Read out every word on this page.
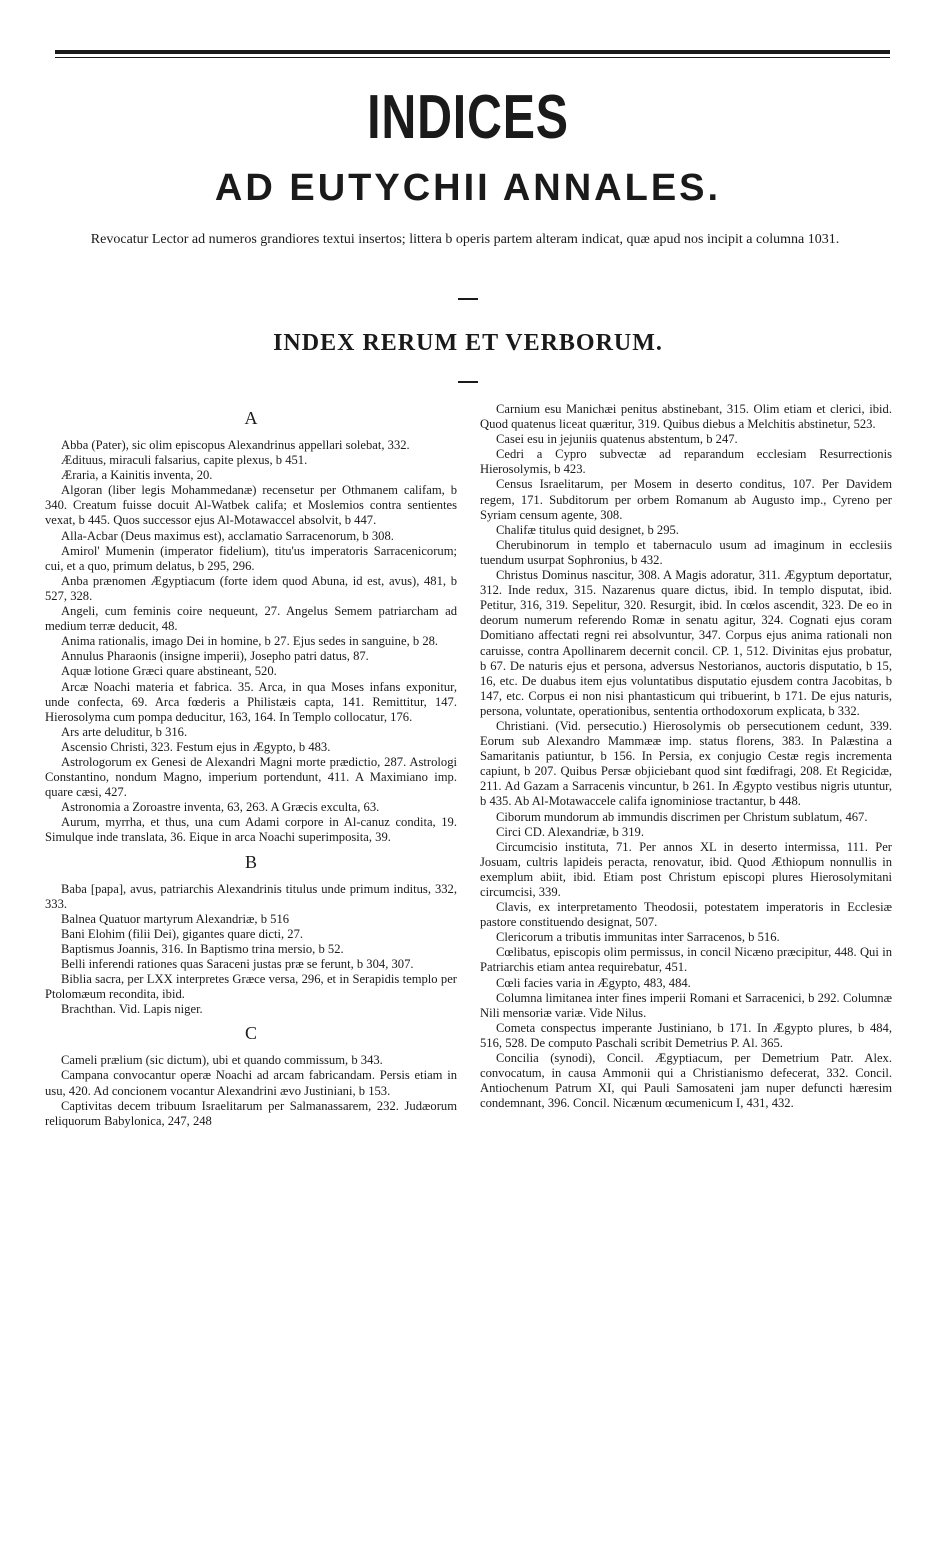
INDICES
AD EUTYCHII ANNALES.
Revocatur Lector ad numeros grandiores textui insertos; littera b operis partem alteram indicat, quæ apud nos incipit a columna 1031.
INDEX RERUM ET VERBORUM.
A

Abba (Pater), sic olim episcopus Alexandrinus appellari solebat, 332.

Ædituus, miraculi falsarius, capite plexus, b 451.

Æraria, a Kainitis inventa, 20.

Algoran (liber legis Mohammedanæ) recensetur per Othmanem califam, b 340. Creatum fuisse docuit Al-Watbek califa; et Moslemios contra sentientes vexat, b 445. Quos successor ejus Al-Motawaccel absolvit, b 447.

Alla-Acbar (Deus maximus est), acclamatio Sarracenorum, b 308.

Amirol' Mumenin (imperator fidelium), titu'us imperatoris Sarracenicorum; cui, et a quo, primum delatus, b 295, 296.

Anba prænomen Ægyptiacum (forte idem quod Abuna, id est, avus), 481, b 527, 328.

Angeli, cum feminis coire nequeunt, 27. Angelus Semem patriarcham ad medium terræ deducit, 48.

Anima rationalis, imago Dei in homine, b 27. Ejus sedes in sanguine, b 28.

Annulus Pharaonis (insigne imperii), Josepho patri datus, 87.

Aquæ lotione Græci quare abstineant, 520.

Arcæ Noachi materia et fabrica. 35. Arca, in qua Moses infans exponitur, unde confecta, 69. Arca fœderis a Philistæis capta, 141. Remittitur, 147. Hierosolyma cum pompa deducitur, 163, 164. In Templo collocatur, 176.

Ars arte deluditur, b 316.

Ascensio Christi, 323. Festum ejus in Ægypto, b 483.

Astrologorum ex Genesi de Alexandri Magni morte prædictio, 287. Astrologi Constantino, nondum Magno, imperium portendunt, 411. A Maximiano imp. quare cæsi, 427.

Astronomia a Zoroastre inventa, 63, 263. A Græcis exculta, 63.

Aurum, myrrha, et thus, una cum Adami corpore in Al-canuz condita, 19. Simulque inde translata, 36. Eique in arca Noachi superimposita, 39.

B

Baba [papa], avus, patriarchis Alexandrinis titulus unde primum inditus, 332, 333.

Balnea Quatuor martyrum Alexandriæ, b 516

Bani Elohim (filii Dei), gigantes quare dicti, 27.

Baptismus Joannis, 316. In Baptismo trina mersio, b 52.

Belli inferendi rationes quas Saraceni justas præ se ferunt, b 304, 307.

Biblia sacra, per LXX interpretes Græce versa, 296, et in Serapidis templo per Ptolomæum recondita, ibid.

Brachthan. Vid. Lapis niger.

C

Cameli prælium (sic dictum), ubi et quando commissum, b 343.

Campana convocantur operæ Noachi ad arcam fabricandam. Persis etiam in usu, 420. Ad concionem vocantur Alexandrini ævo Justiniani, b 153.

Captivitas decem tribuum Israelitarum per Salmanassarem, 232. Judæorum reliquorum Babylonica, 247, 248

Carnium esu Manichæi penitus abstinebant, 315. Olim etiam et clerici, ibid. Quod quatenus liceat quæritur, 319. Quibus diebus a Melchitis abstinetur, 523.

Casei esu in jejuniis quatenus abstentum, b 247.

Cedri a Cypro subvectæ ad reparandum ecclesiam Resurrectionis Hierosolymis, b 423.

Census Israelitarum, per Mosem in deserto conditus, 107. Per Davidem regem, 171. Subditorum per orbem Romanum ab Augusto imp., Cyreno per Syriam censum agente, 308.

Chalifæ titulus quid designet, b 295.

Cherubinorum in templo et tabernaculo usum ad imaginum in ecclesiis tuendum usurpat Sophronius, b 432.

Christus Dominus nascitur, 308. A Magis adoratur, 311. Ægyptum deportatur, 312. Inde redux, 315. Nazarenus quare dictus, ibid. In templo disputat, ibid. Petitur, 316, 319. Sepelitur, 320. Resurgit, ibid. In cœlos ascendit, 323. De eo in deorum numerum referendo Romæ in senatu agitur, 324. Cognati ejus coram Domitiano affectati regni rei absolvuntur, 347. Corpus ejus anima rationali non caruisse, contra Apollinarem decernit concil. CP. 1, 512. Divinitas ejus probatur, b 67. De naturis ejus et persona, adversus Nestorianos, auctoris disputatio, b 15, 16, etc. De duabus item ejus voluntatibus disputatio ejusdem contra Jacobitas, b 147, etc. Corpus ei non nisi phantasticum qui tribuerint, b 171. De ejus naturis, persona, voluntate, operationibus, sententia orthodoxorum explicata, b 332.

Christiani. (Vid. persecutio.) Hierosolymis ob persecutionem cedunt, 339. Eorum sub Alexandro Mammææ imp. status florens, 383. In Palæstina a Samaritanis patiuntur, b 156. In Persia, ex conjugio Cestæ regis incrementa capiunt, b 207. Quibus Persæ objiciebant quod sint fœdifragi, 208. Et Regicidæ, 211. Ad Gazam a Sarracenis vincuntur, b 261. In Ægypto vestibus nigris utuntur, b 435. Ab Al-Motawaccele califa ignominiose tractantur, b 448.

Ciborum mundorum ab immundis discrimen per Christum sublatum, 467.

Circi CD. Alexandriæ, b 319.

Circumcisio instituta, 71. Per annos XL in deserto intermissa, 111. Per Josuam, cultris lapideis peracta, renovatur, ibid. Quod Æthiopum nonnullis in exemplum abiit, ibid. Etiam post Christum episcopi plures Hierosolymitani circumcisi, 339.

Clavis, ex interpretamento Theodosii, potestatem imperatoris in Ecclesiæ pastore constituendo designat, 507.

Clericorum a tributis immunitas inter Sarracenos, b 516.

Cœlibatus, episcopis olim permissus, in concil Nicæno præcipitur, 448. Qui in Patriarchis etiam antea requirebatur, 451.

Cœli facies varia in Ægypto, 483, 484.

Columna limitanea inter fines imperii Romani et Sarracenici, b 292. Columnæ Nili mensoriæ variæ. Vide Nilus.

Cometa conspectus imperante Justiniano, b 171. In Ægypto plures, b 484, 516, 528. De computo Paschali scribit Demetrius P. Al. 365.

Concilia (synodi), Concil. Ægyptiacum, per Demetrium Patr. Alex. convocatum, in causa Ammonii qui a Christianismo defecerat, 332. Concil. Antiochenum Patrum XI, qui Pauli Samosateni jam nuper defuncti hæresim condemnant, 396. Concil. Nicænum œcumenicum I, 431, 432.
